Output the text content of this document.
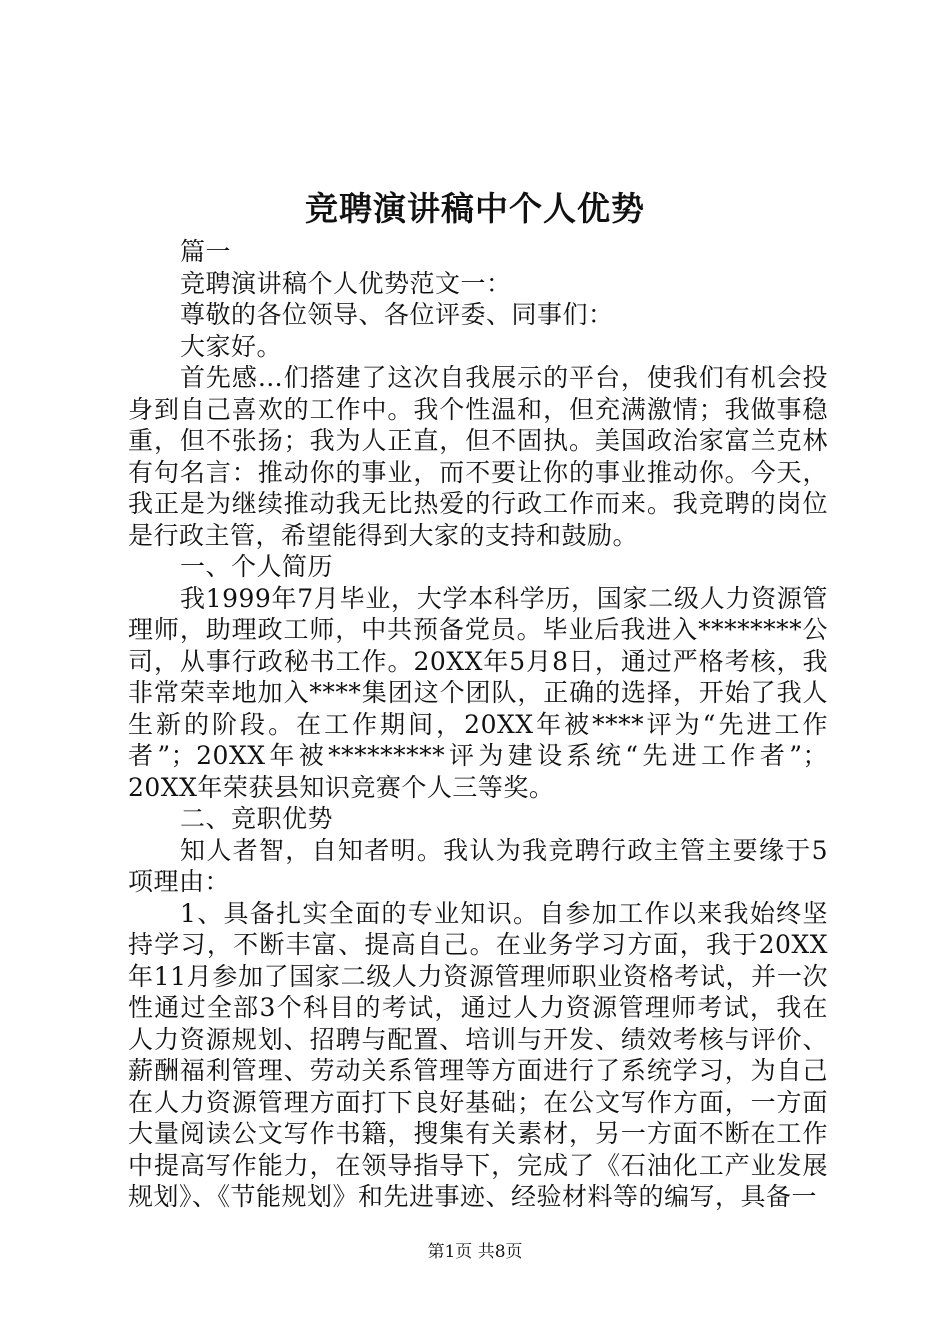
竞聘演讲稿中个人优势

篇一

竞聘演讲稿个人优势范文一：

尊敬的各位领导、各位评委、同事们：

大家好。

首先感…们搭建了这次自我展示的平台，使我们有机会投身到自己喜欢的工作中。我个性温和，但充满激情；我做事稳重，但不张扬；我为人正直，但不固执。美国政治家富兰克林有句名言：推动你的事业，而不要让你的事业推动你。今天，我正是为继续推动我无比热爱的行政工作而来。我竞聘的岗位是行政主管，希望能得到大家的支持和鼓励。

一、个人简历

我1999年7月毕业，大学本科学历，国家二级人力资源管理师，助理政工师，中共预备党员。毕业后我进入********公司，从事行政秘书工作。20XX年5月8日，通过严格考核，我非常荣幸地加入****集团这个团队，正确的选择，开始了我人生新的阶段。在工作期间，20XX年被****评为“先进工作者”；20XX年被*********评为建设系统“先进工作者”；20XX年荣获县知识竞赛个人三等奖。

二、竞职优势

知人者智，自知者明。我认为我竞聘行政主管主要缘于5项理由：

1、具备扎实全面的专业知识。自参加工作以来我始终坚持学习，不断丰富、提高自己。在业务学习方面，我于20XX年11月参加了国家二级人力资源管理师职业资格考试，并一次性通过全部3个科目的考试，通过人力资源管理师考试，我在人力资源规划、招聘与配置、培训与开发、绩效考核与评价、薪酬福利管理、劳动关系管理等方面进行了系统学习，为自己在人力资源管理方面打下良好基础；在公文写作方面，一方面大量阅读公文写作书籍，搜集有关素材，另一方面不断在工作中提高写作能力，在领导指导下，完成了《石油化工产业发展规划》、《节能规划》和先进事迹、经验材料等的编写，具备一

第1页 共8页
